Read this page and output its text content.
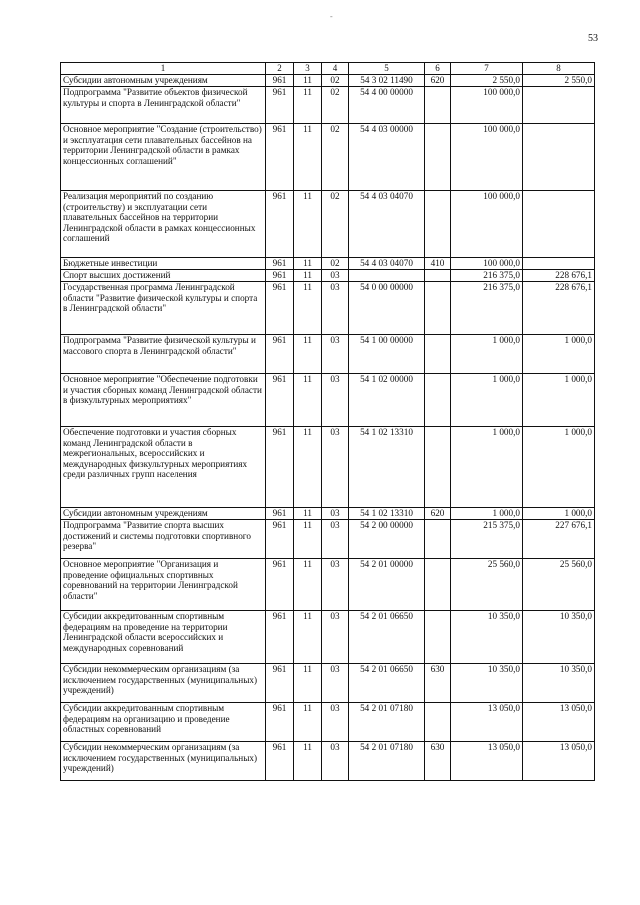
-
53
1	2	3	4	5	6	7	8
Субсидии автономным учреждениям	961	11	02	54 3 02 11490	620	2 550,0	2 550,0
Подпрограмма "Развитие объектов физической культуры и спорта в Ленинградской области"	961	11	02	54 4 00 00000		100 000,0	
Основное мероприятие "Создание (строительство) и эксплуатация сети плавательных бассейнов на территории Ленинградской области в рамках концессионных соглашений"	961	11	02	54 4 03 00000		100 000,0	
Реализация мероприятий по созданию (строительству) и эксплуатации сети плавательных бассейнов на территории Ленинградской области в рамках концессионных соглашений	961	11	02	54 4 03 04070		100 000,0	
Бюджетные инвестиции	961	11	02	54 4 03 04070	410	100 000,0	
Спорт высших достижений	961	11	03			216 375,0	228 676,1
Государственная программа Ленинградской области "Развитие физической культуры и спорта в Ленинградской области"	961	11	03	54 0 00 00000		216 375,0	228 676,1
Подпрограмма "Развитие физической культуры и массового спорта в Ленинградской области"	961	11	03	54 1 00 00000		1 000,0	1 000,0
Основное мероприятие "Обеспечение подготовки и участия сборных команд Ленинградской области в физкультурных мероприятиях"	961	11	03	54 1 02 00000		1 000,0	1 000,0
Обеспечение подготовки и участия сборных команд Ленинградской области в межрегиональных, всероссийских и международных физкультурных мероприятиях среди различных групп населения	961	11	03	54 1 02 13310		1 000,0	1 000,0
Субсидии автономным учреждениям	961	11	03	54 1 02 13310	620	1 000,0	1 000,0
Подпрограмма "Развитие спорта высших достижений и системы подготовки спортивного резерва"	961	11	03	54 2 00 00000		215 375,0	227 676,1
Основное мероприятие "Организация и проведение официальных спортивных соревнований на территории Ленинградской области"	961	11	03	54 2 01 00000		25 560,0	25 560,0
Субсидии аккредитованным спортивным федерациям на проведение на территории Ленинградской области всероссийских и международных соревнований	961	11	03	54 2 01 06650		10 350,0	10 350,0
Субсидии некоммерческим организациям (за исключением государственных (муниципальных) учреждений)	961	11	03	54 2 01 06650	630	10 350,0	10 350,0
Субсидии аккредитованным спортивным федерациям на организацию и проведение областных соревнований	961	11	03	54 2 01 07180		13 050,0	13 050,0
Субсидии некоммерческим организациям (за исключением государственных (муниципальных) учреждений)	961	11	03	54 2 01 07180	630	13 050,0	13 050,0
